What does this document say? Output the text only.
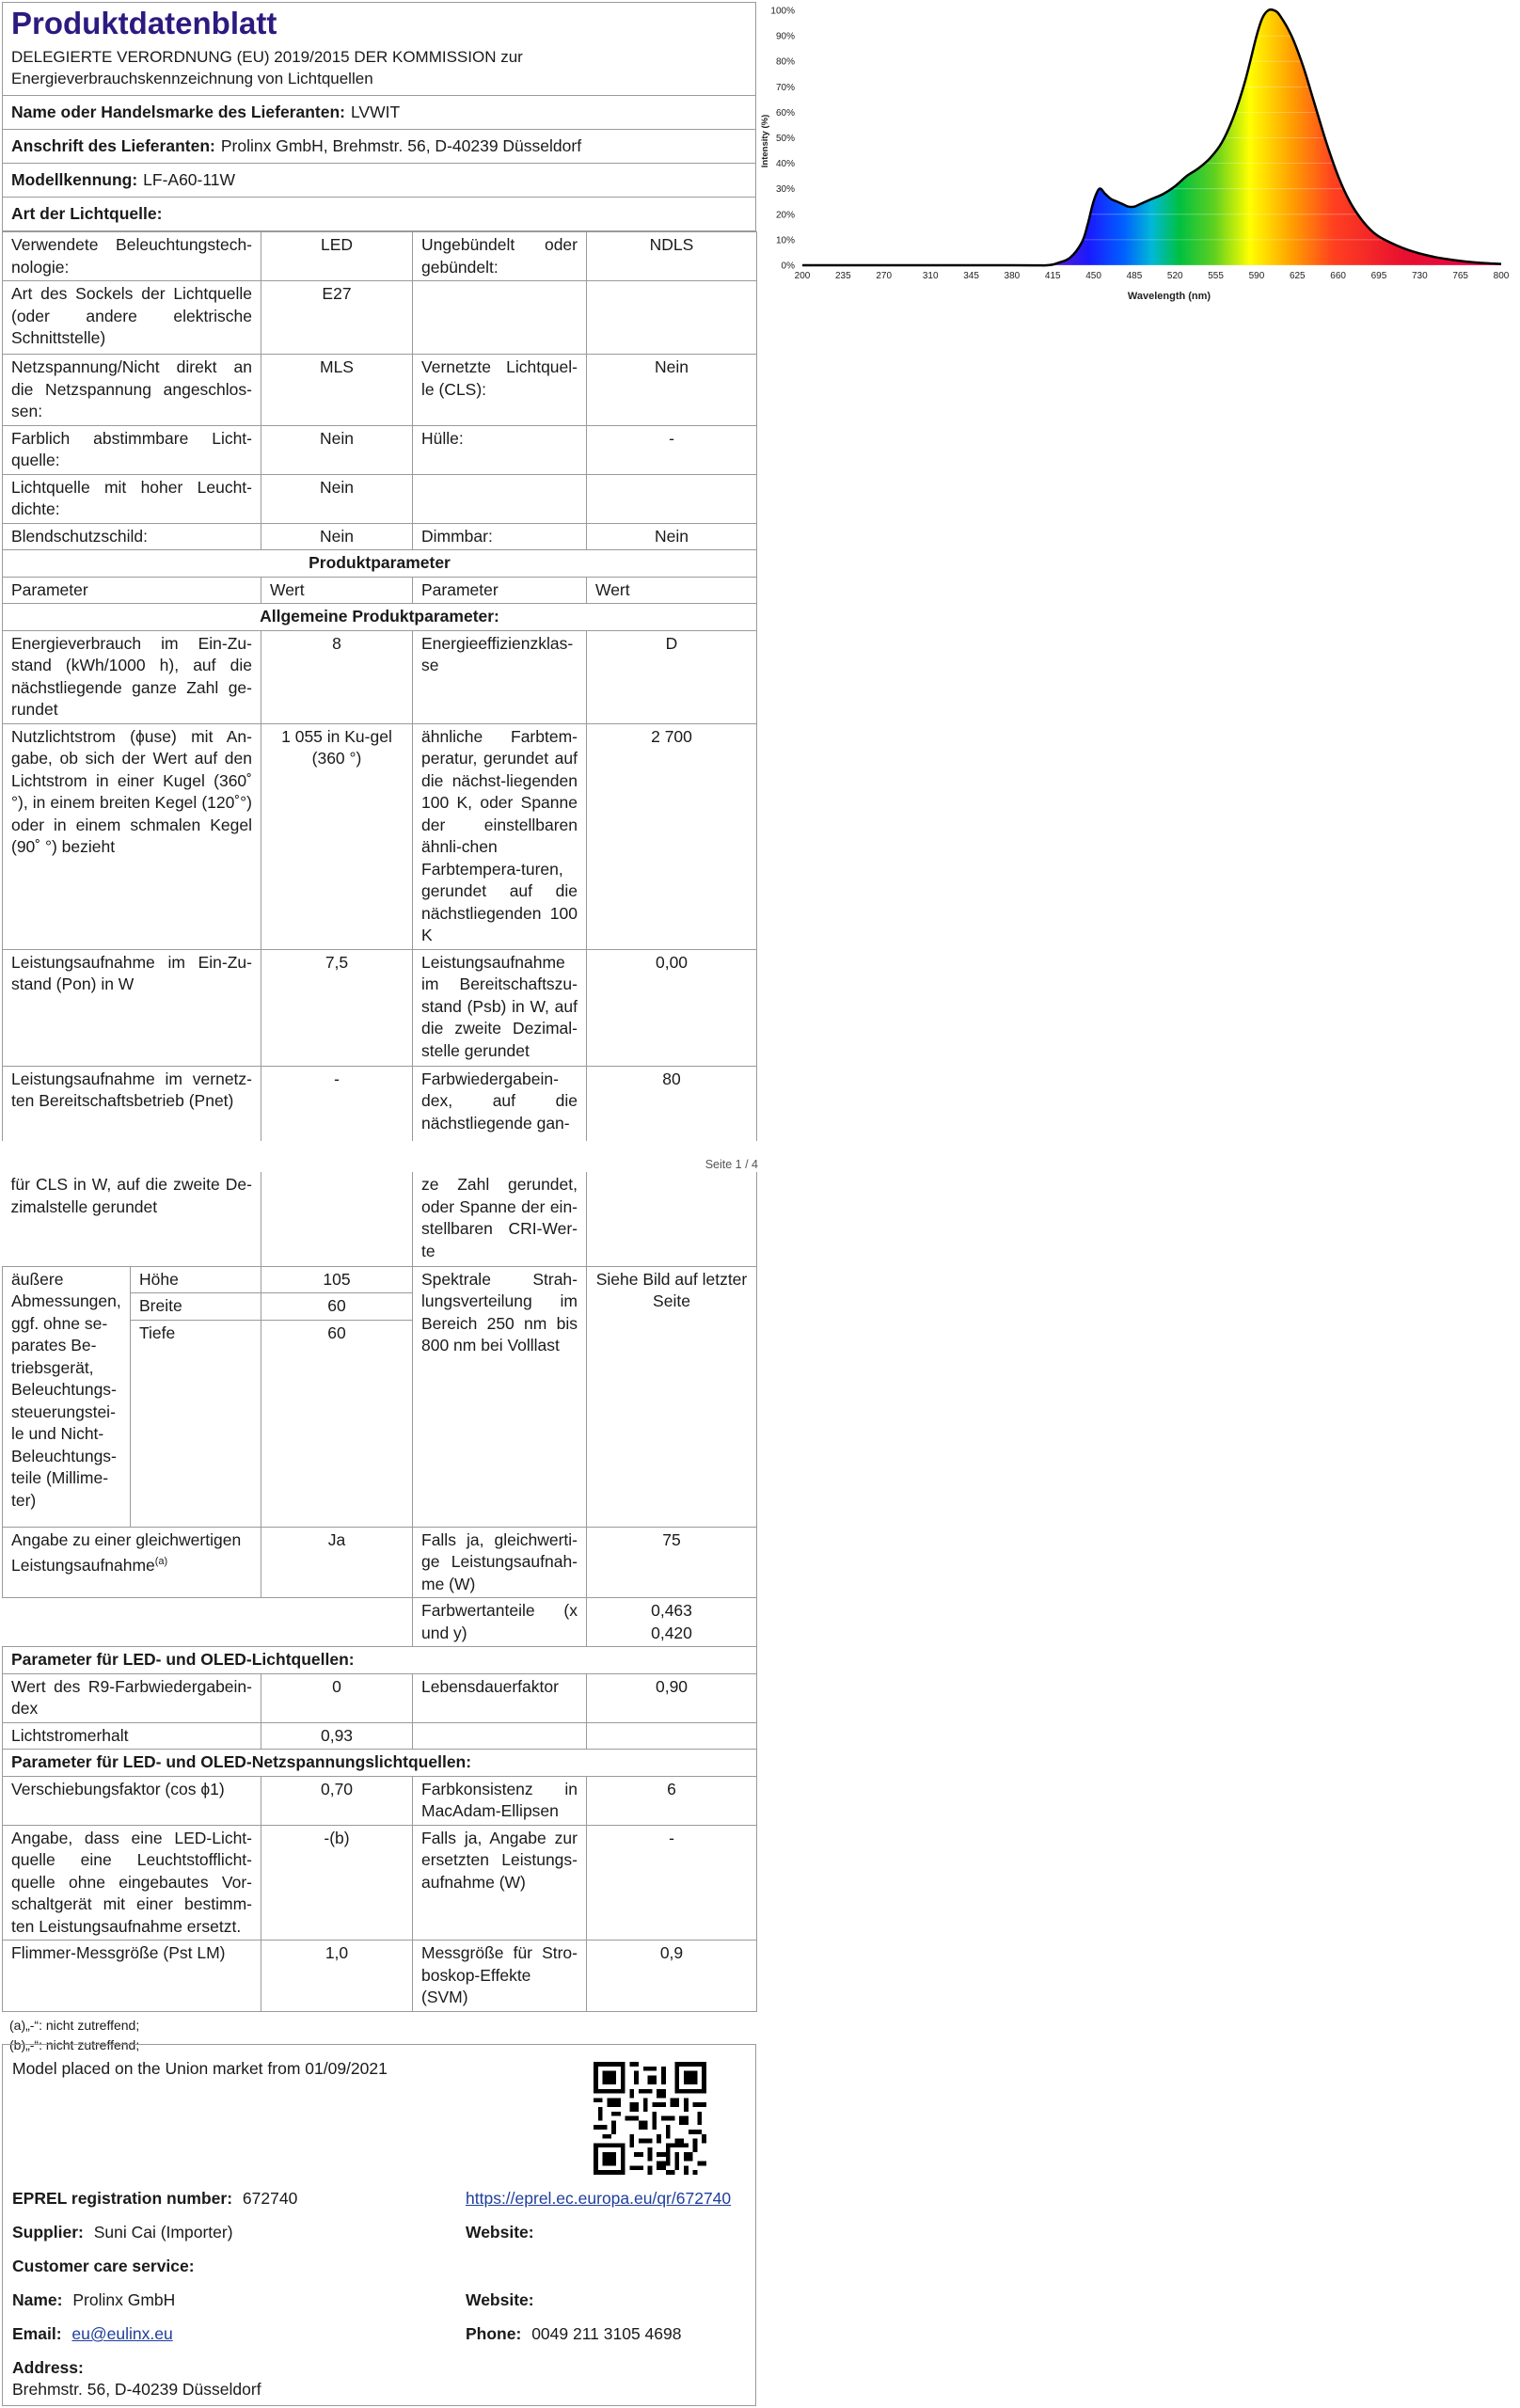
Produktdatenblatt
DELEGIERTE VERORDNUNG (EU) 2019/2015 DER KOMMISSION zur Energieverbrauchskennzeichnung von Lichtquellen
Name oder Handelsmarke des Lieferanten: LVWIT
Anschrift des Lieferanten: Prolinx GmbH, Brehmstr. 56, D-40239 Düsseldorf
Modellkennung: LF-A60-11W
Art der Lichtquelle:
Verwendete Beleuchtungstech-nologie:	LED	Ungebündelt oder gebündelt:	NDLS
Art des Sockels der Lichtquelle (oder andere elektrische Schnittstelle)	E27		
Netzspannung/Nicht direkt an die Netzspannung angeschlos-sen:	MLS	Vernetzte Lichtquel-le (CLS):	Nein
Farblich abstimmbare Licht-quelle:	Nein	Hülle:	-
Lichtquelle mit hoher Leucht-dichte:	Nein		
Blendschutzschild:	Nein	Dimmbar:	Nein
Produktparameter			
Parameter	Wert	Parameter	Wert
Allgemeine Produktparameter:			
Energieverbrauch im Ein-Zu-stand (kWh/1000 h), auf die nächstliegende ganze Zahl ge-rundet	8	Energieeffizienzklas-se	D
Nutzlichtstrom (ϕuse) mit An-gabe, ob sich der Wert auf den Lichtstrom in einer Kugel (360˚ °), in einem breiten Kegel (120˚°) oder in einem schmalen Kegel (90˚ °) bezieht	1 055 in Ku-gel (360 °)	ähnliche Farbtem-peratur, gerundet auf die nächst-liegenden 100 K, oder Spanne der einstellbaren ähnli-chen Farbtempera-turen, gerundet auf die nächstliegenden 100 K	2 700
Leistungsaufnahme im Ein-Zu-stand (Pon) in W	7,5	Leistungsaufnahme im Bereitschaftszu-stand (Psb) in W, auf die zweite Dezimal-stelle gerundet	0,00
Leistungsaufnahme im vernetz-ten Bereitschaftsbetrieb (Pnet)	-	Farbwiedergabein-dex, auf die nächstliegende gan-	80
Seite 1 / 4
für CLS in W, auf die zweite De-zimalstelle gerundet			ze Zahl gerundet, oder Spanne der ein-stellbaren CRI-Wer-te	
äußere Abmessungen, ggf. ohne se-parates Be-triebsgerät, Beleuchtungs-steuerungstei-le und Nicht-Beleuchtungs-teile (Millime-ter)	Höhe	105	Spektrale Strah-lungsverteilung im Bereich 250 nm bis 800 nm bei Volllast	Siehe Bild auf letzter Seite
	Breite	60		
	Tiefe	60		
Angabe zu einer gleichwertigen Leistungsaufnahme$^{(a)}$		Ja	Falls ja, gleichwerti-ge Leistungsaufnah-me (W)	75
			Farbwertanteile (x und y)	0,463
0,420

Parameter für LED- und OLED-Lichtquellen:				
Wert des R9-Farbwiedergabein-dex		0	Lebensdauerfaktor	0,90
Lichtstromerhalt		0,93		
Parameter für LED- und OLED-Netzspannungslichtquellen:				
Verschiebungsfaktor (cos ϕ1)		0,70	Farbkonsistenz in MacAdam-Ellipsen	6
Angabe, dass eine LED-Licht-quelle eine Leuchtstofflicht-quelle ohne eingebautes Vor-schaltgerät mit einer bestimm-ten Leistungsaufnahme ersetzt.		-(b)	Falls ja, Angabe zur ersetzten Leistungs-aufnahme (W)	-
Flimmer-Messgröße (Pst LM)		1,0	Messgröße für Stro-boskop-Effekte (SVM)	0,9
(a)„-“: nicht zutreffend;
(b)„-“: nicht zutreffend;
Model placed on the Union market from 01/09/2021
EPREL registration number: 672740	https://eprel.ec.europa.eu/qr/672740
Supplier: Suni Cai (Importer)	Website:
Customer care service:
Name: Prolinx GmbH	Website:
Email: eu@eulinx.eu	Phone: 0049 211 3105 4698
Address:
Brehmstr. 56, D-40239 Düsseldorf
0%
10%
20%
30%
40%
50%
60%
70%
80%
90%
100%
200	235	270	310	345	380	415	450	485	520	555	590	625	660	695	730	765	800
Wavelength (nm)
Intensity (%)
